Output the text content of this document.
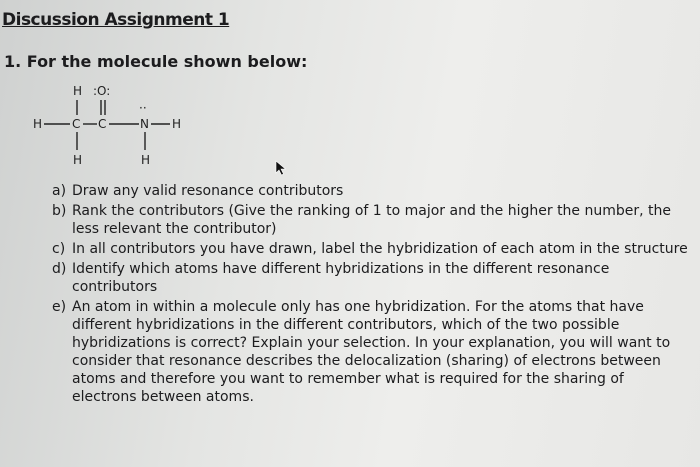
Discussion Assignment 1
1. For the molecule shown below:
H :O:
H C C
··
N H
H	H
a) Draw any valid resonance contributors
b) Rank the contributors (Give the ranking of 1 to major and the higher the number, the less relevant the contributor)
c) In all contributors you have drawn, label the hybridization of each atom in the structure
d) Identify which atoms have different hybridizations in the different resonance contributors
e) An atom in within a molecule only has one hybridization. For the atoms that have different hybridizations in the different contributors, which of the two possible hybridizations is correct? Explain your selection. In your explanation, you will want to consider that resonance describes the delocalization (sharing) of electrons between atoms and therefore you want to remember what is required for the sharing of electrons between atoms.
